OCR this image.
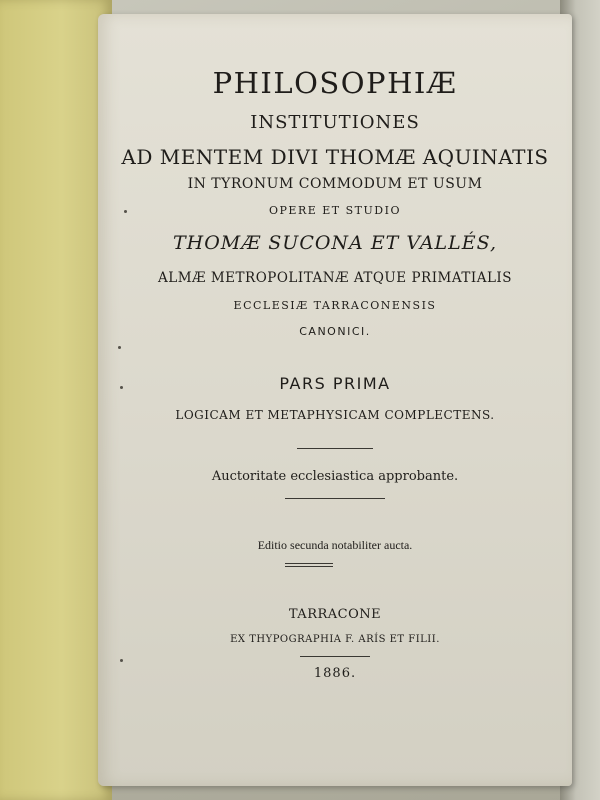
PHILOSOPHIÆ
INSTITUTIONES
AD MENTEM DIVI THOMÆ AQUINATIS
IN TYRONUM COMMODUM ET USUM
OPERE ET STUDIO
THOMÆ SUCONA ET VALLÉS,
ALMÆ METROPOLITANÆ ATQUE PRIMATIALIS
ECCLESIÆ TARRACONENSIS
CANONICI.
PARS PRIMA
LOGICAM ET METAPHYSICAM COMPLECTENS.
Auctoritate ecclesiastica approbante.
Editio secunda notabiliter aucta.
TARRACONE
EX THYPOGRAPHIA F. ARÍS ET FILII.
1886.
